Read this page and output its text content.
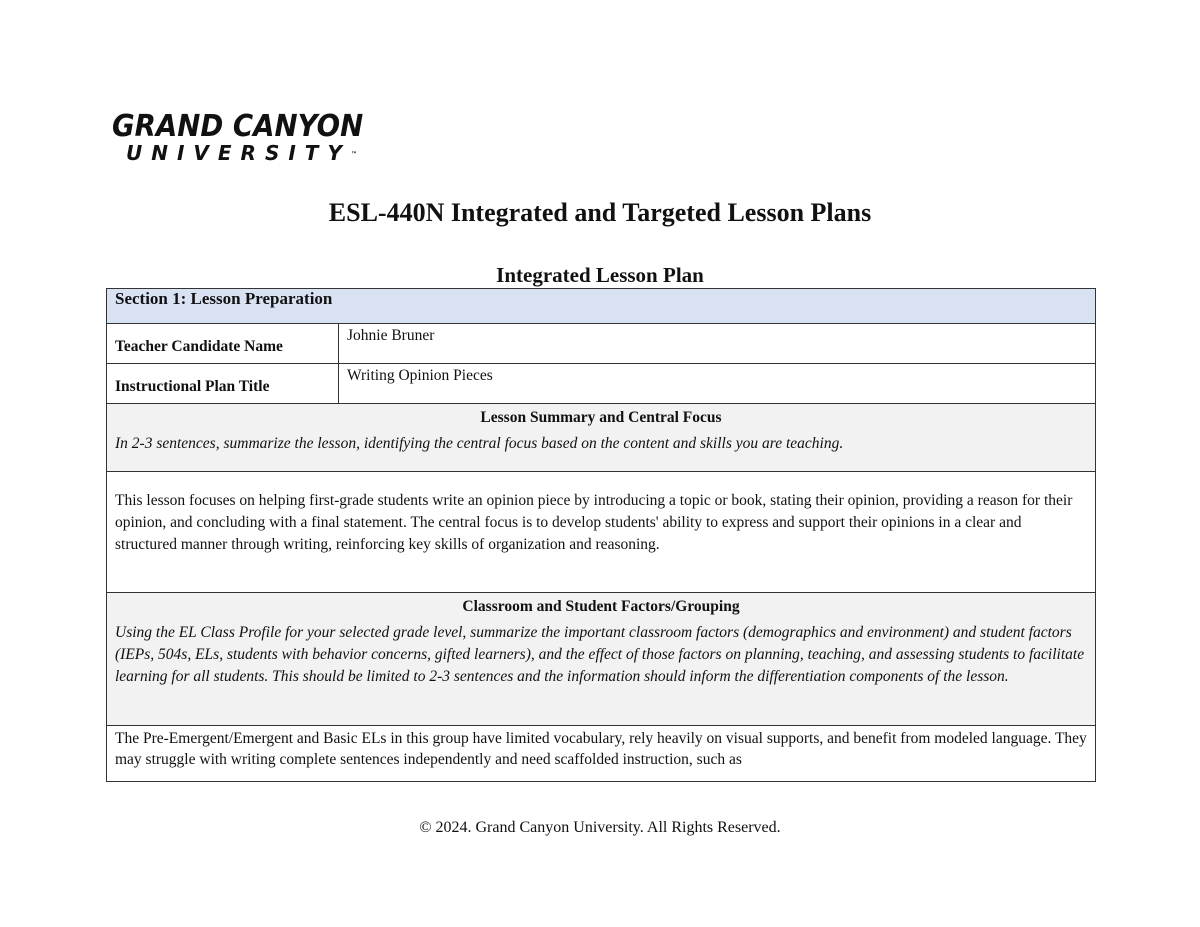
GRAND CANYON
UNIVERSITY™
ESL-440N Integrated and Targeted Lesson Plans
Integrated Lesson Plan
Section 1: Lesson Preparation	
Teacher Candidate Name	Johnie Bruner
Instructional Plan Title	Writing Opinion Pieces

Lesson Summary and Central Focus
In 2-3 sentences, summarize the lesson, identifying the central focus based on the content and skills you are teaching.	

This lesson focuses on helping first-grade students write an opinion piece by introducing a topic or book, stating their opinion, providing a reason for their opinion, and concluding with a final statement. The central focus is to develop students' ability to express and support their opinions in a clear and structured manner through writing, reinforcing key skills of organization and reasoning.	

Classroom and Student Factors/Grouping
Using the EL Class Profile for your selected grade level, summarize the important classroom factors (demographics and environment) and student factors (IEPs, 504s, ELs, students with behavior concerns, gifted learners), and the effect of those factors on planning, teaching, and assessing students to facilitate learning for all students. This should be limited to 2-3 sentences and the information should inform the differentiation components of the lesson.	

The Pre-Emergent/Emergent and Basic ELs in this group have limited vocabulary, rely heavily on visual supports, and benefit from modeled language. They may struggle with writing complete sentences independently and need scaffolded instruction, such as	
© 2024. Grand Canyon University. All Rights Reserved.
